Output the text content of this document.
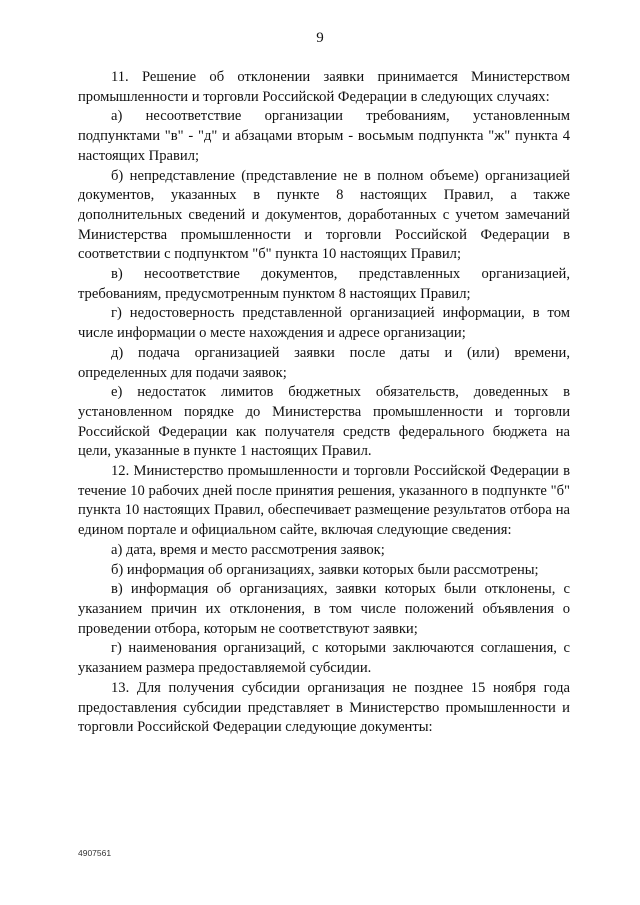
9

11. Решение об отклонении заявки принимается Министерством промышленности и торговли Российской Федерации в следующих случаях:

а) несоответствие организации требованиям, установленным подпунктами "в" - "д" и абзацами вторым - восьмым подпункта "ж" пункта 4 настоящих Правил;

б) непредставление (представление не в полном объеме) организацией документов, указанных в пункте 8 настоящих Правил, а также дополнительных сведений и документов, доработанных с учетом замечаний Министерства промышленности и торговли Российской Федерации в соответствии с подпунктом "б" пункта 10 настоящих Правил;

в) несоответствие документов, представленных организацией, требованиям, предусмотренным пунктом 8 настоящих Правил;

г) недостоверность представленной организацией информации, в том числе информации о месте нахождения и адресе организации;

д) подача организацией заявки после даты и (или) времени, определенных для подачи заявок;

е) недостаток лимитов бюджетных обязательств, доведенных в установленном порядке до Министерства промышленности и торговли Российской Федерации как получателя средств федерального бюджета на цели, указанные в пункте 1 настоящих Правил.

12. Министерство промышленности и торговли Российской Федерации в течение 10 рабочих дней после принятия решения, указанного в подпункте "б" пункта 10 настоящих Правил, обеспечивает размещение результатов отбора на едином портале и официальном сайте, включая следующие сведения:

а) дата, время и место рассмотрения заявок;

б) информация об организациях, заявки которых были рассмотрены;

в) информация об организациях, заявки которых были отклонены, с указанием причин их отклонения, в том числе положений объявления о проведении отбора, которым не соответствуют заявки;

г) наименования организаций, с которыми заключаются соглашения, с указанием размера предоставляемой субсидии.

13. Для получения субсидии организация не позднее 15 ноября года предоставления субсидии представляет в Министерство промышленности и торговли Российской Федерации следующие документы:

4907561
